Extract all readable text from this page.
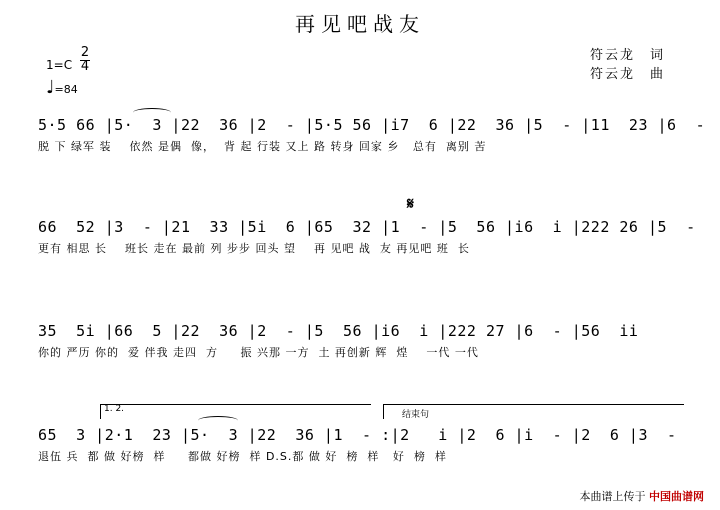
再见吧战友
符云龙　词
符云龙　曲
1=C
2
4
♩=84
𝄋
5·5 66 |5·  3 |22  36 |2  - |5·5 56 |i7  6 |22  36 |5  - |11  23 |6  -
脱 下 绿军 装    依然 是偶  像，  背 起 行装 又上 路 转身 回家 乡   总有  离别 苦
66  52 |3  - |21  33 |5i  6 |65  32 |1  - |5  56 |i6  i |222 26 |5  -
更有 相思 长    班长 走在 最前 列 步步 回头 望    再 见吧 战  友 再见吧 班  长
35  5i |66  5 |22  36 |2  - |5  56 |i6  i |222 27 |6  - |56  ii
你的 严历 你的  爱 伴我 走四  方     振 兴那 一方  土 再创新 辉  煌    一代 一代
1. 2.
结束句
65  3 |2·1  23 |5·  3 |22  36 |1  - :|2   i |2  6 |i  - |2  6 |3  -
退伍 兵  都 做 好榜  样     都做 好榜  样 D.S.都 做 好  榜  样   好  榜  样
本曲谱上传于 中国曲谱网
